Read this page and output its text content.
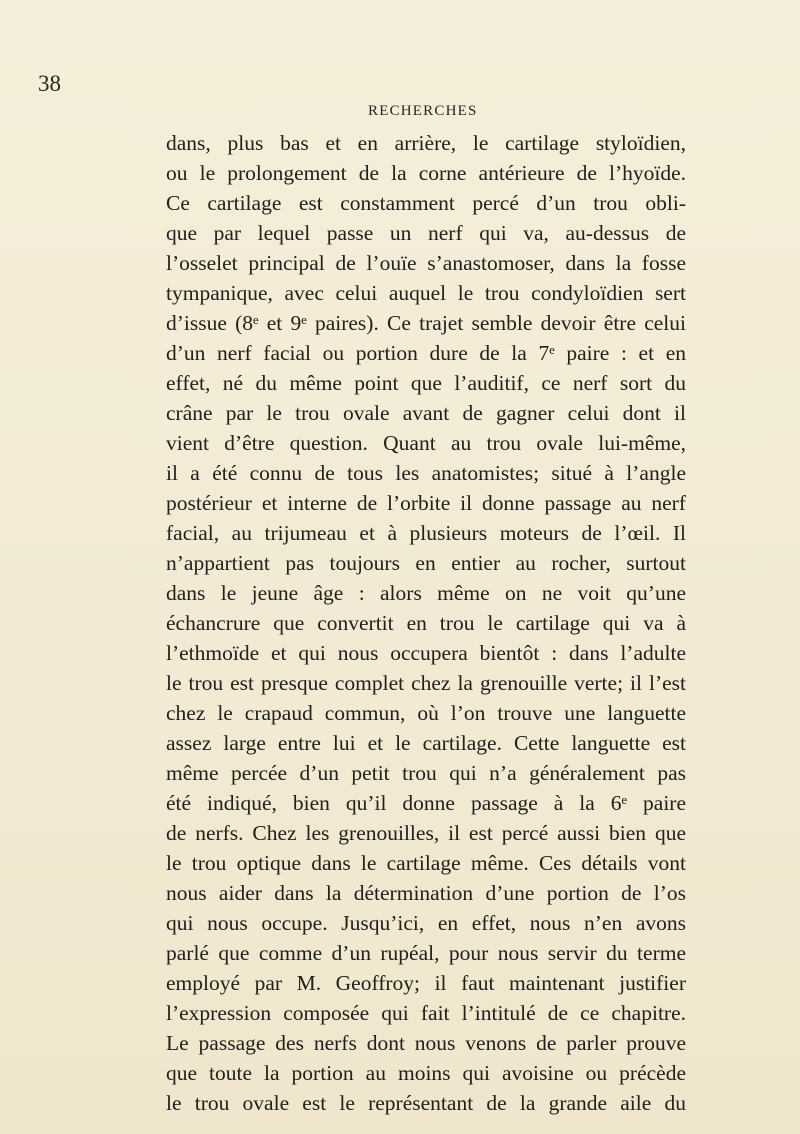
38
RECHERCHES
dans, plus bas et en arrière, le cartilage styloïdien,
ou le prolongement de la corne antérieure de l’hyoïde.
Ce cartilage est constamment percé d’un trou obli-
que par lequel passe un nerf qui va, au-dessus de
l’osselet principal de l’ouïe s’anastomoser, dans la fosse
tympanique, avec celui auquel le trou condyloïdien sert
d’issue (8ᵉ et 9ᵉ paires). Ce trajet semble devoir être celui
d’un nerf facial ou portion dure de la 7ᵉ paire : et en
effet, né du même point que l’auditif, ce nerf sort du
crâne par le trou ovale avant de gagner celui dont il
vient d’être question. Quant au trou ovale lui-même,
il a été connu de tous les anatomistes; situé à l’angle
postérieur et interne de l’orbite il donne passage au nerf
facial, au trijumeau et à plusieurs moteurs de l’œil. Il
n’appartient pas toujours en entier au rocher, surtout
dans le jeune âge : alors même on ne voit qu’une
échancrure que convertit en trou le cartilage qui va à
l’ethmoïde et qui nous occupera bientôt : dans l’adulte
le trou est presque complet chez la grenouille verte; il l’est
chez le crapaud commun, où l’on trouve une languette
assez large entre lui et le cartilage. Cette languette est
même percée d’un petit trou qui n’a généralement pas
été indiqué, bien qu’il donne passage à la 6ᵉ paire
de nerfs. Chez les grenouilles, il est percé aussi bien que
le trou optique dans le cartilage même. Ces détails vont
nous aider dans la détermination d’une portion de l’os
qui nous occupe. Jusqu’ici, en effet, nous n’en avons
parlé que comme d’un rupéal, pour nous servir du terme
employé par M. Geoffroy; il faut maintenant justifier
l’expression composée qui fait l’intitulé de ce chapitre.
Le passage des nerfs dont nous venons de parler prouve
que toute la portion au moins qui avoisine ou précède
le trou ovale est le représentant de la grande aile du
